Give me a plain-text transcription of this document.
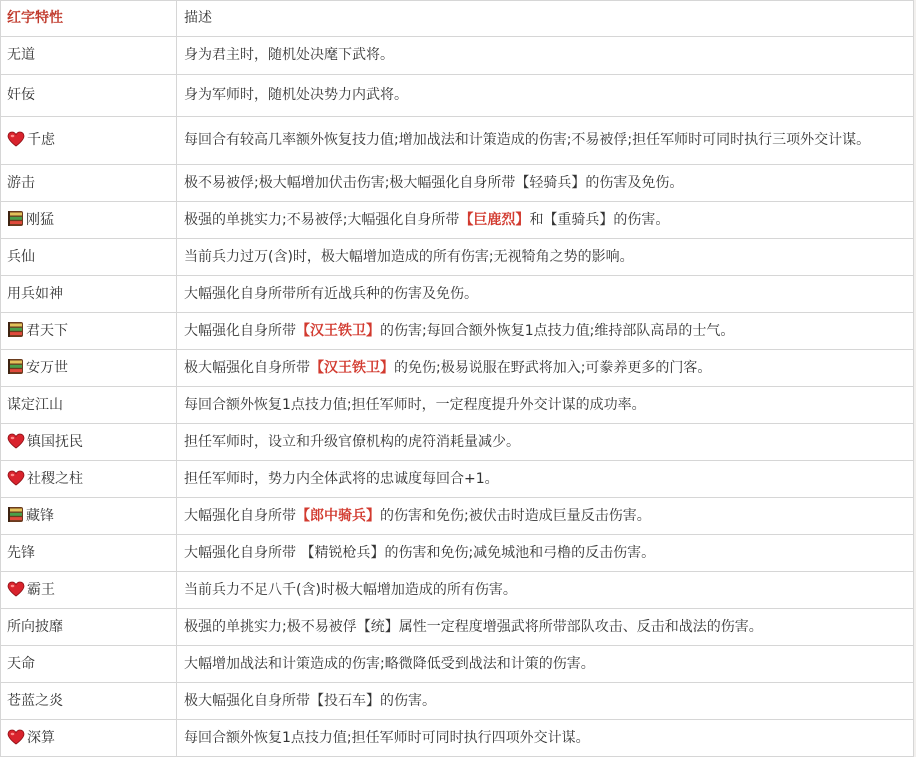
红字特性	描述
无道	身为君主时，随机处决麾下武将。
奸佞	身为军师时，随机处决势力内武将。

千虑	每回合有较高几率额外恢复技力值;增加战法和计策造成的伤害;不易被俘;担任军师时可同时执行三项外交计谋。
游击	极不易被俘;极大幅增加伏击伤害;极大幅强化自身所带【轻骑兵】的伤害及免伤。

刚猛	极强的单挑实力;不易被俘;大幅强化自身所带【巨鹿烈】和【重骑兵】的伤害。
兵仙	当前兵力过万(含)时，极大幅增加造成的所有伤害;无视犄角之势的影响。
用兵如神	大幅强化自身所带所有近战兵种的伤害及免伤。

君天下	大幅强化自身所带【汉王铁卫】的伤害;每回合额外恢复1点技力值;维持部队高昂的士气。

安万世	极大幅强化自身所带【汉王铁卫】的免伤;极易说服在野武将加入;可豢养更多的门客。
谋定江山	每回合额外恢复1点技力值;担任军师时，一定程度提升外交计谋的成功率。

镇国抚民	担任军师时，设立和升级官僚机构的虎符消耗量减少。

社稷之柱	担任军师时，势力内全体武将的忠诚度每回合+1。

藏锋	大幅强化自身所带【郎中骑兵】的伤害和免伤;被伏击时造成巨量反击伤害。
先锋	大幅强化自身所带 【精锐枪兵】的伤害和免伤;减免城池和弓橹的反击伤害。

霸王	当前兵力不足八千(含)时极大幅增加造成的所有伤害。
所向披靡	极强的单挑实力;极不易被俘【统】属性一定程度增强武将所带部队攻击、反击和战法的伤害。
天命	大幅增加战法和计策造成的伤害;略微降低受到战法和计策的伤害。
苍蓝之炎	极大幅强化自身所带【投石车】的伤害。

深算	每回合额外恢复1点技力值;担任军师时可同时执行四项外交计谋。
